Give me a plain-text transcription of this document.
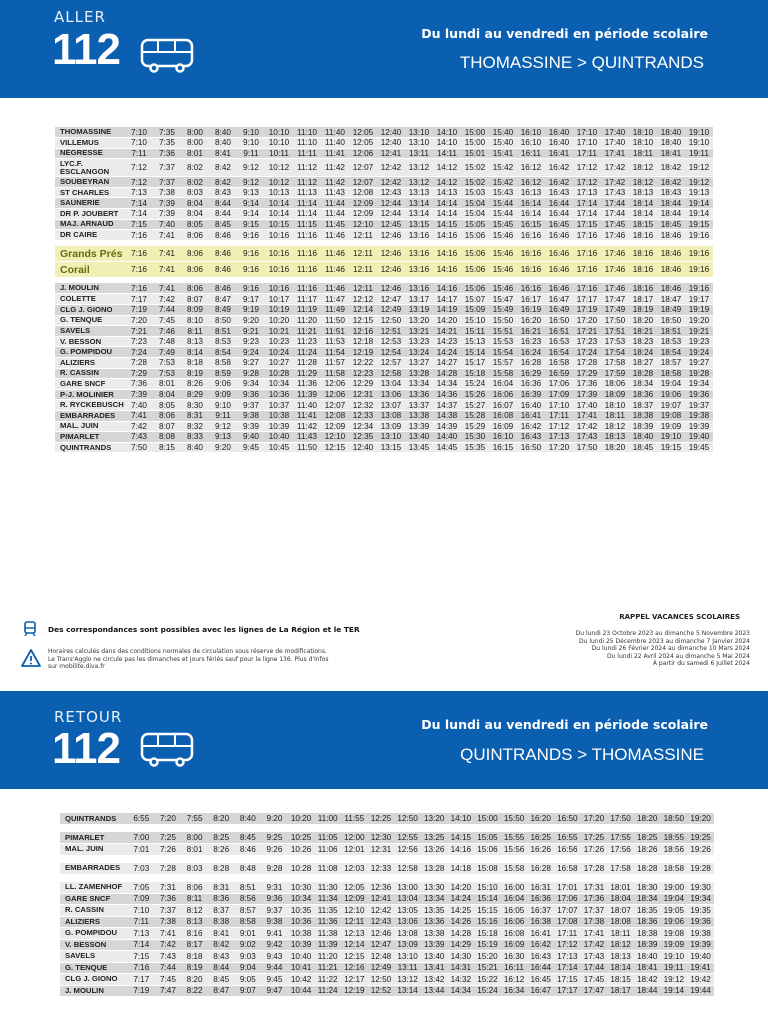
ALLER
112	Du lundi au vendredi en période scolaire
THOMASSINE > QUINTRANDS
THOMASSINE	7:10	7:35	8:00	8:40	9:10	10:10	11:10	11:40	12:05	12:40	13:10	14:10	15:00	15:40	16:10	16:40	17:10	17:40	18:10	18:40	19:10
VILLEMUS	7:10	7:35	8:00	8:40	9:10	10:10	11:10	11:40	12:05	12:40	13:10	14:10	15:00	15:40	16:10	16:40	17:10	17:40	18:10	18:40	19:10
NÉGRESSE	7:11	7:36	8:01	8:41	9:11	10:11	11:11	11:41	12:06	12:41	13:11	14:11	15:01	15:41	16:11	16:41	17:11	17:41	18:11	18:41	19:11
LYC.F. ESCLANGON	7:12	7:37	8:02	8:42	9:12	10:12	11:12	11:42	12:07	12:42	13:12	14:12	15:02	15:42	16:12	16:42	17:12	17:42	18:12	18:42	19:12
SOUBEYRAN	7:12	7:37	8:02	8:42	9:12	10:12	11:12	11:42	12:07	12:42	13:12	14:12	15:02	15:42	16:12	16:42	17:12	17:42	18:12	18:42	19:12
ST CHARLES	7:13	7:38	8:03	8:43	9:13	10:13	11:13	11:43	12:08	12:43	13:13	14:13	15:03	15:43	16:13	16:43	17:13	17:43	18:13	18:43	19:13
SAUNERIE	7:14	7:39	8:04	8:44	9:14	10:14	11:14	11:44	12:09	12:44	13:14	14:14	15:04	15:44	16:14	16:44	17:14	17:44	18:14	18:44	19:14
DR P. JOUBERT	7:14	7:39	8:04	8:44	9:14	10:14	11:14	11:44	12:09	12:44	13:14	14:14	15:04	15:44	16:14	16:44	17:14	17:44	18:14	18:44	19:14
MAJ. ARNAUD	7:15	7:40	8:05	8:45	9:15	10:15	11:15	11:45	12:10	12:45	13:15	14:15	15:05	15:45	16:15	16:45	17:15	17:45	18:15	18:45	19:15
DR CAIRE	7:16	7:41	8:06	8:46	9:16	10:16	11:16	11:46	12:11	12:46	13:16	14:16	15:06	15:46	16:16	16:46	17:16	17:46	18:16	18:46	19:16

Grands Prés	7:16	7:41	8:06	8:46	9:16	10:16	11:16	11:46	12:11	12:46	13:16	14:16	15:06	15:46	16:16	16:46	17:16	17:46	18:16	18:46	19:16
Corail	7:16	7:41	8:06	8:46	9:16	10:16	11:16	11:46	12:11	12:46	13:16	14:16	15:06	15:46	16:16	16:46	17:16	17:46	18:16	18:46	19:16

J. MOULIN	7:16	7:41	8:06	8:46	9:16	10:16	11:16	11:46	12:11	12:46	13:16	14:16	15:06	15:46	16:16	16:46	17:16	17:46	18:16	18:46	19:16
COLETTE	7:17	7:42	8:07	8:47	9:17	10:17	11:17	11:47	12:12	12:47	13:17	14:17	15:07	15:47	16:17	16:47	17:17	17:47	18:17	18:47	19:17
CLG J. GIONO	7:19	7:44	8:09	8:49	9:19	10:19	11:19	11:49	12:14	12:49	13:19	14:19	15:09	15:49	16:19	16:49	17:19	17:49	18:19	18:49	19:19
G. TENQUE	7:20	7:45	8:10	8:50	9:20	10:20	11:20	11:50	12:15	12:50	13:20	14:20	15:10	15:50	16:20	16:50	17:20	17:50	18:20	18:50	19:20
SAVELS	7:21	7:46	8:11	8:51	9:21	10:21	11:21	11:51	12:16	12:51	13:21	14:21	15:11	15:51	16:21	16:51	17:21	17:51	18:21	18:51	19:21
V. BESSON	7:23	7:48	8:13	8:53	9:23	10:23	11:23	11:53	12:18	12:53	13:23	14:23	15:13	15:53	16:23	16:53	17:23	17:53	18:23	18:53	19:23
G. POMPIDOU	7:24	7:49	8:14	8:54	9:24	10:24	11:24	11:54	12:19	12:54	13:24	14:24	15:14	15:54	16:24	16:54	17:24	17:54	18:24	18:54	19:24
ALIZIERS	7:28	7:53	8:18	8:58	9:27	10:27	11:28	11:57	12:22	12:57	13:27	14:27	15:17	15:57	16:28	16:58	17:28	17:58	18:27	18:57	19:27
R. CASSIN	7:29	7:53	8:19	8:59	9:28	10:28	11:29	11:58	12:23	12:58	13:28	14:28	15:18	15:58	16:29	16:59	17:29	17:59	18:28	18:58	19:28
GARE SNCF	7:36	8:01	8:26	9:06	9:34	10:34	11:36	12:06	12:29	13:04	13:34	14:34	15:24	16:04	16:36	17:06	17:36	18:06	18:34	19:04	19:34
P-J. MOLINIER	7:39	8:04	8:29	9:09	9:36	10:36	11:39	12:06	12:31	13:06	13:36	14:36	15:26	16:06	16:39	17:09	17:39	18:09	18:36	19:06	19:36
R. RYCKEBUSCH	7:40	8:05	8:30	9:10	9:37	10:37	11:40	12:07	12:32	13:07	13:37	14:37	15:27	16:07	16:40	17:10	17:40	18:10	18:37	19:07	19:37
EMBARRADES	7:41	8:06	8:31	9:11	9:38	10:38	11:41	12:08	12:33	13:08	13:38	14:38	15:28	16:08	16:41	17:11	17:41	18:11	18:38	19:08	19:38
MAL. JUIN	7:42	8:07	8:32	9:12	9:39	10:39	11:42	12:09	12:34	13:09	13:39	14:39	15:29	16:09	16:42	17:12	17:42	18:12	18:39	19:09	19:39
PIMARLET	7:43	8:08	8:33	9:13	9:40	10:40	11:43	12:10	12:35	13:10	13:40	14:40	15:30	16:10	16:43	17:13	17:43	18:13	18:40	19:10	19:40
QUINTRANDS	7:50	8:15	8:40	9:20	9:45	10:45	11:50	12:15	12:40	13:15	13:45	14:45	15:35	16:15	16:50	17:20	17:50	18:20	18:45	19:15	19:45
Des correspondances sont possibles avec les lignes de La Région et le TER
Horaires calculés dans des conditions normales de circulation sous réserve de modifications.
Le Trans'Agglo ne circule pas les dimanches et jours fériés sauf pour la ligne 136. Plus d'infos
sur mobilite.diva.fr
RAPPEL VACANCES SCOLAIRES
Du lundi 23 Octobre 2023 au dimanche 5 Novembre 2023
Du lundi 25 Décembre 2023 au dimanche 7 Janvier 2024
Du lundi 26 Février 2024 au dimanche 10 Mars 2024
Du lundi 22 Avril 2024 au dimanche 5 Mai 2024
À partir du samedi 6 Juillet 2024
RETOUR
112	Du lundi au vendredi en période scolaire
QUINTRANDS > THOMASSINE
QUINTRANDS	6:55	7:20	7:55	8:20	8:40	9:20	10:20	11:00	11:55	12:25	12:50	13:20	14:10	15:00	15:50	16:20	16:50	17:20	17:50	18:20	18:50	19:20

PIMARLET	7:00	7:25	8:00	8:25	8:45	9:25	10:25	11:05	12:00	12:30	12:55	13:25	14:15	15:05	15:55	16:25	16:55	17:25	17:55	18:25	18:55	19:25
MAL. JUIN	7:01	7:26	8:01	8:26	8:46	9:26	10:26	11:06	12:01	12:31	12:56	13:26	14:16	15:06	15:56	16:26	16:56	17:26	17:56	18:26	18:56	19:26

EMBARRADES	7:03	7:28	8:03	8:28	8:48	9:28	10:28	11:08	12:03	12:33	12:58	13:28	14:18	15:08	15:58	16:28	16:58	17:28	17:58	18:28	18:58	19:28

LL. ZAMENHOF	7:05	7:31	8:06	8:31	8:51	9:31	10:30	11:30	12:05	12:36	13:00	13:30	14:20	15:10	16:00	16:31	17:01	17:31	18:01	18:30	19:00	19:30
GARE SNCF	7:09	7:36	8:11	8:36	8:56	9:36	10:34	11:34	12:09	12:41	13:04	13:34	14:24	15:14	16:04	16:36	17:06	17:36	18:04	18:34	19:04	19:34
R. CASSIN	7:10	7:37	8:12	8:37	8:57	9:37	10:35	11:35	12:10	12:42	13:05	13:35	14:25	15:15	16:05	16:37	17:07	17:37	18:07	18:35	19:05	19:35
ALIZIERS	7:11	7:38	8:13	8:38	8:58	9:38	10:36	11:36	12:11	12:43	13:06	13:36	14:26	15:16	16:06	16:38	17:08	17:38	18:08	18:36	19:06	19:36
G. POMPIDOU	7:13	7:41	8:16	8:41	9:01	9:41	10:38	11:38	12:13	12:46	13:08	13:38	14:28	15:18	16:08	16:41	17:11	17:41	18:11	18:38	19:08	19:38
V. BESSON	7:14	7:42	8:17	8:42	9:02	9:42	10:39	11:39	12:14	12:47	13:09	13:39	14:29	15:19	16:09	16:42	17:12	17:42	18:12	18:39	19:09	19:39
SAVELS	7:15	7:43	8:18	8:43	9:03	9:43	10:40	11:20	12:15	12:48	13:10	13:40	14:30	15:20	16:30	16:43	17:13	17:43	18:13	18:40	19:10	19:40
G. TENQUE	7:16	7:44	8:19	8:44	9:04	9:44	10:41	11:21	12:16	12:49	13:11	13:41	14:31	15:21	16:11	16:44	17:14	17:44	18:14	18:41	19:11	19:41
CLG J. GIONO	7:17	7:45	8:20	8:45	9:05	9:45	10:42	11:22	12:17	12:50	13:12	13:42	14:32	15:22	16:12	16:45	17:15	17:45	18:15	18:42	19:12	19:42
J. MOULIN	7:19	7:47	8:22	8:47	9:07	9:47	10:44	11:24	12:19	12:52	13:14	13:44	14:34	15:24	16:34	16:47	17:17	17:47	18:17	18:44	19:14	19:44
